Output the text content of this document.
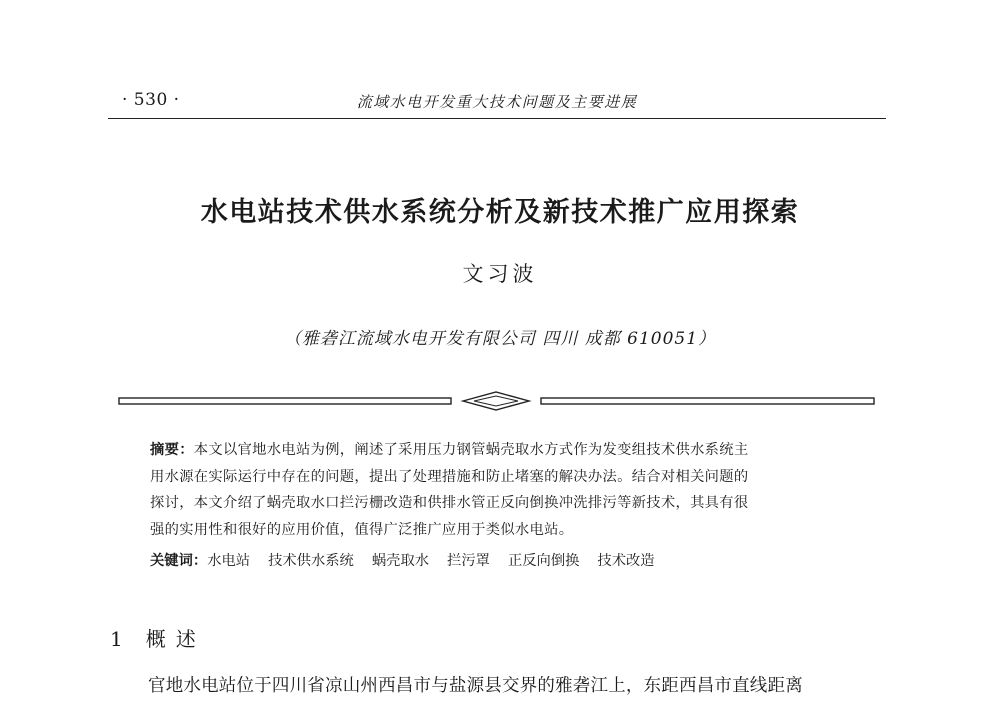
· 530 ·	流域水电开发重大技术问题及主要进展
水电站技术供水系统分析及新技术推广应用探索
文习波
（雅砻江流域水电开发有限公司 四川 成都 610051）
摘要：本文以官地水电站为例，阐述了采用压力钢管蜗壳取水方式作为发变组技术供水系统主
用水源在实际运行中存在的问题，提出了处理措施和防止堵塞的解决办法。结合对相关问题的
探讨，本文介绍了蜗壳取水口拦污栅改造和供排水管正反向倒换冲洗排污等新技术，其具有很
强的实用性和很好的应用价值，值得广泛推广应用于类似水电站。
关键词：水电站 技术供水系统 蜗壳取水 拦污罩 正反向倒换 技术改造
1 概述
官地水电站位于四川省凉山州西昌市与盐源县交界的雅砻江上，东距西昌市直线距离
